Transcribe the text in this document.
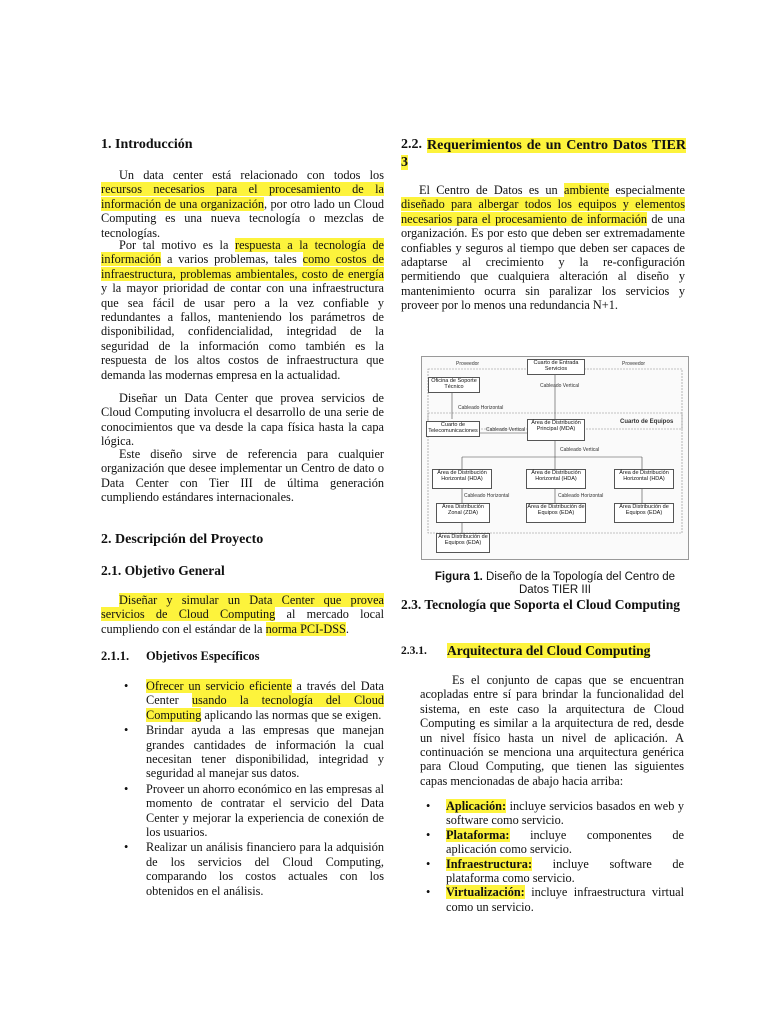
1. Introducción
Un data center está relacionado con todos los recursos necesarios para el procesamiento de la información de una organización, por otro lado un Cloud Computing es una nueva tecnología o mezclas de tecnologías.
Por tal motivo es la respuesta a la tecnología de información a varios problemas, tales como costos de infraestructura, problemas ambientales, costo de energía y la mayor prioridad de contar con una infraestructura que sea fácil de usar pero a la vez confiable y redundantes a fallos, manteniendo los parámetros de disponibilidad, confidencialidad, integridad de la seguridad de la información como también es la respuesta de los altos costos de infraestructura que demanda las modernas empresa en la actualidad.
Diseñar un Data Center que provea servicios de Cloud Computing involucra el desarrollo de una serie de conocimientos que va desde la capa física hasta la capa lógica.
Este diseño sirve de referencia para cualquier organización que desee implementar un Centro de dato o Data Center con Tier III de última generación cumpliendo estándares internacionales.
2. Descripción del Proyecto
2.1. Objetivo General
Diseñar y simular un Data Center que provea servicios de Cloud Computing al mercado local cumpliendo con el estándar de la norma PCI-DSS.
2.1.1. Objetivos Específicos
• Ofrecer un servicio eficiente a través del Data Center usando la tecnología del Cloud Computing aplicando las normas que se exigen.
• Brindar ayuda a las empresas que manejan grandes cantidades de información la cual necesitan tener disponibilidad, integridad y seguridad al manejar sus datos.
• Proveer un ahorro económico en las empresas al momento de contratar el servicio del Data Center y mejorar la experiencia de conexión de los usuarios.
• Realizar un análisis financiero para la adquisión de los servicios del Cloud Computing, comparando los costos actuales con los obtenidos en el análisis.
2.2. Requerimientos de un Centro Datos TIER 3
El Centro de Datos es un ambiente especialmente diseñado para albergar todos los equipos y elementos necesarios para el procesamiento de información de una organización. Es por esto que deben ser extremadamente confiables y seguros al tiempo que deben ser capaces de adaptarse al crecimiento y la re-configuración permitiendo que cualquiera alteración al diseño y mantenimiento ocurra sin paralizar los servicios y proveer por lo menos una redundancia N+1.
Proveedor	Proveedor
Cuarto de Entrada Servicios
Oficina de Soporte Técnico	Cableado Vertical
Cableado Horizontal
Cuarto de Telecomunicaciones	Cableado Vertical
Área de Distribución Principal (MDA)
Cuarto de Equipos
Cableado Vertical
Área de Distribución Horizontal (HDA)
Área de Distribución Horizontal (HDA)
Área de Distribución Horizontal (HDA)
Cableado Horizontal	Cableado Horizontal
Área Distribución Zonal (ZDA)
Área de Distribución de Equipos (EDA)
Área Distribución de Equipos (EDA)
Área Distribución de Equipos (EDA)
Figura 1. Diseño de la Topología del Centro de Datos TIER III
2.3. Tecnología que Soporta el Cloud Computing
2.3.1. Arquitectura del Cloud Computing
Es el conjunto de capas que se encuentran acopladas entre sí para brindar la funcionalidad del sistema, en este caso la arquitectura de Cloud Computing es similar a la arquitectura de red, desde un nivel físico hasta un nivel de aplicación. A continuación se menciona una arquitectura genérica para Cloud Computing, que tienen las siguientes capas mencionadas de abajo hacia arriba:
• Aplicación: incluye servicios basados en web y software como servicio.
• Plataforma: incluye componentes de aplicación como servicio.
• Infraestructura: incluye software de plataforma como servicio.
• Virtualización: incluye infraestructura virtual como un servicio.
